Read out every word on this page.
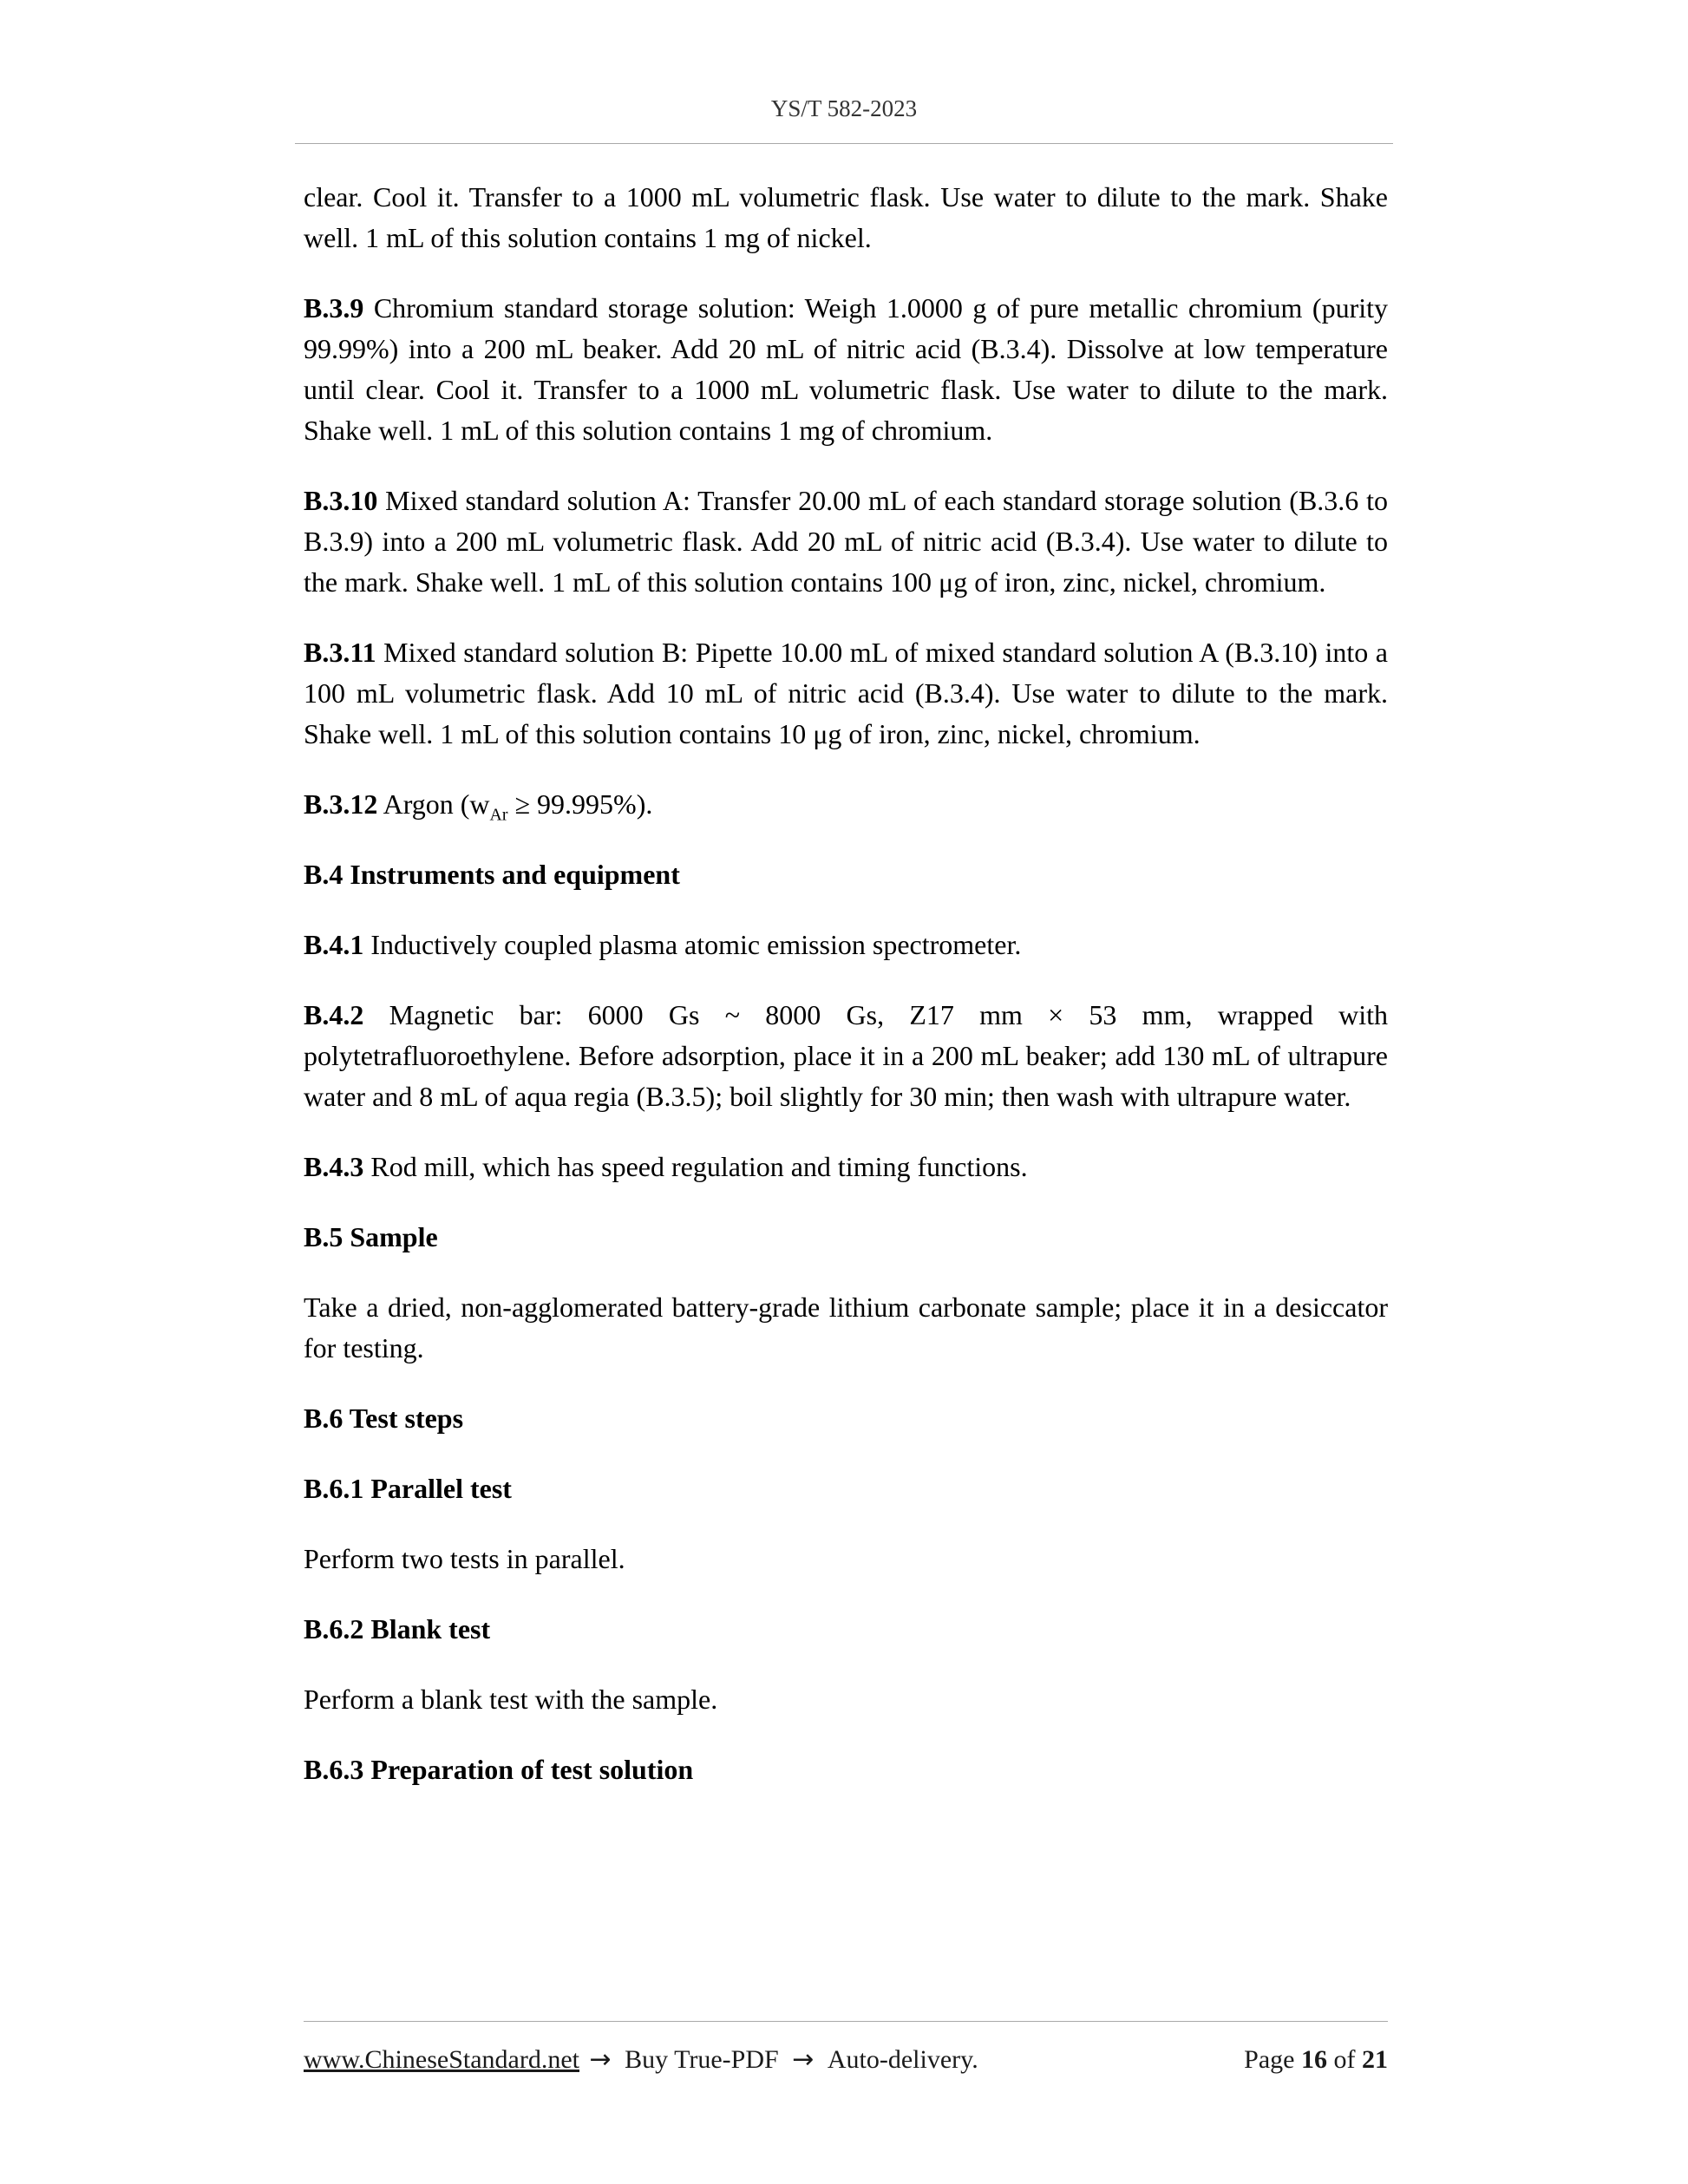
YS/T 582-2023

clear. Cool it. Transfer to a 1000 mL volumetric flask. Use water to dilute to the mark. Shake well. 1 mL of this solution contains 1 mg of nickel.

B.3.9 Chromium standard storage solution: Weigh 1.0000 g of pure metallic chromium (purity 99.99%) into a 200 mL beaker. Add 20 mL of nitric acid (B.3.4). Dissolve at low temperature until clear. Cool it. Transfer to a 1000 mL volumetric flask. Use water to dilute to the mark. Shake well. 1 mL of this solution contains 1 mg of chromium.

B.3.10 Mixed standard solution A: Transfer 20.00 mL of each standard storage solution (B.3.6 to B.3.9) into a 200 mL volumetric flask. Add 20 mL of nitric acid (B.3.4). Use water to dilute to the mark. Shake well. 1 mL of this solution contains 100 μg of iron, zinc, nickel, chromium.

B.3.11 Mixed standard solution B: Pipette 10.00 mL of mixed standard solution A (B.3.10) into a 100 mL volumetric flask. Add 10 mL of nitric acid (B.3.4). Use water to dilute to the mark. Shake well. 1 mL of this solution contains 10 μg of iron, zinc, nickel, chromium.

B.3.12 Argon $(w_{Ar} \ge 99.995\%)$.

B.4 Instruments and equipment

B.4.1 Inductively coupled plasma atomic emission spectrometer.

B.4.2 Magnetic bar: 6000 Gs ~ 8000 Gs, Ζ17 mm × 53 mm, wrapped with polytetrafluoroethylene. Before adsorption, place it in a 200 mL beaker; add 130 mL of ultrapure water and 8 mL of aqua regia (B.3.5); boil slightly for 30 min; then wash with ultrapure water.

B.4.3 Rod mill, which has speed regulation and timing functions.

B.5 Sample

Take a dried, non-agglomerated battery-grade lithium carbonate sample; place it in a desiccator for testing.

B.6 Test steps

B.6.1 Parallel test

Perform two tests in parallel.

B.6.2 Blank test

Perform a blank test with the sample.

B.6.3 Preparation of test solution

www.ChineseStandard.net → Buy True-PDF → Auto-delivery.	Page 16 of 21
